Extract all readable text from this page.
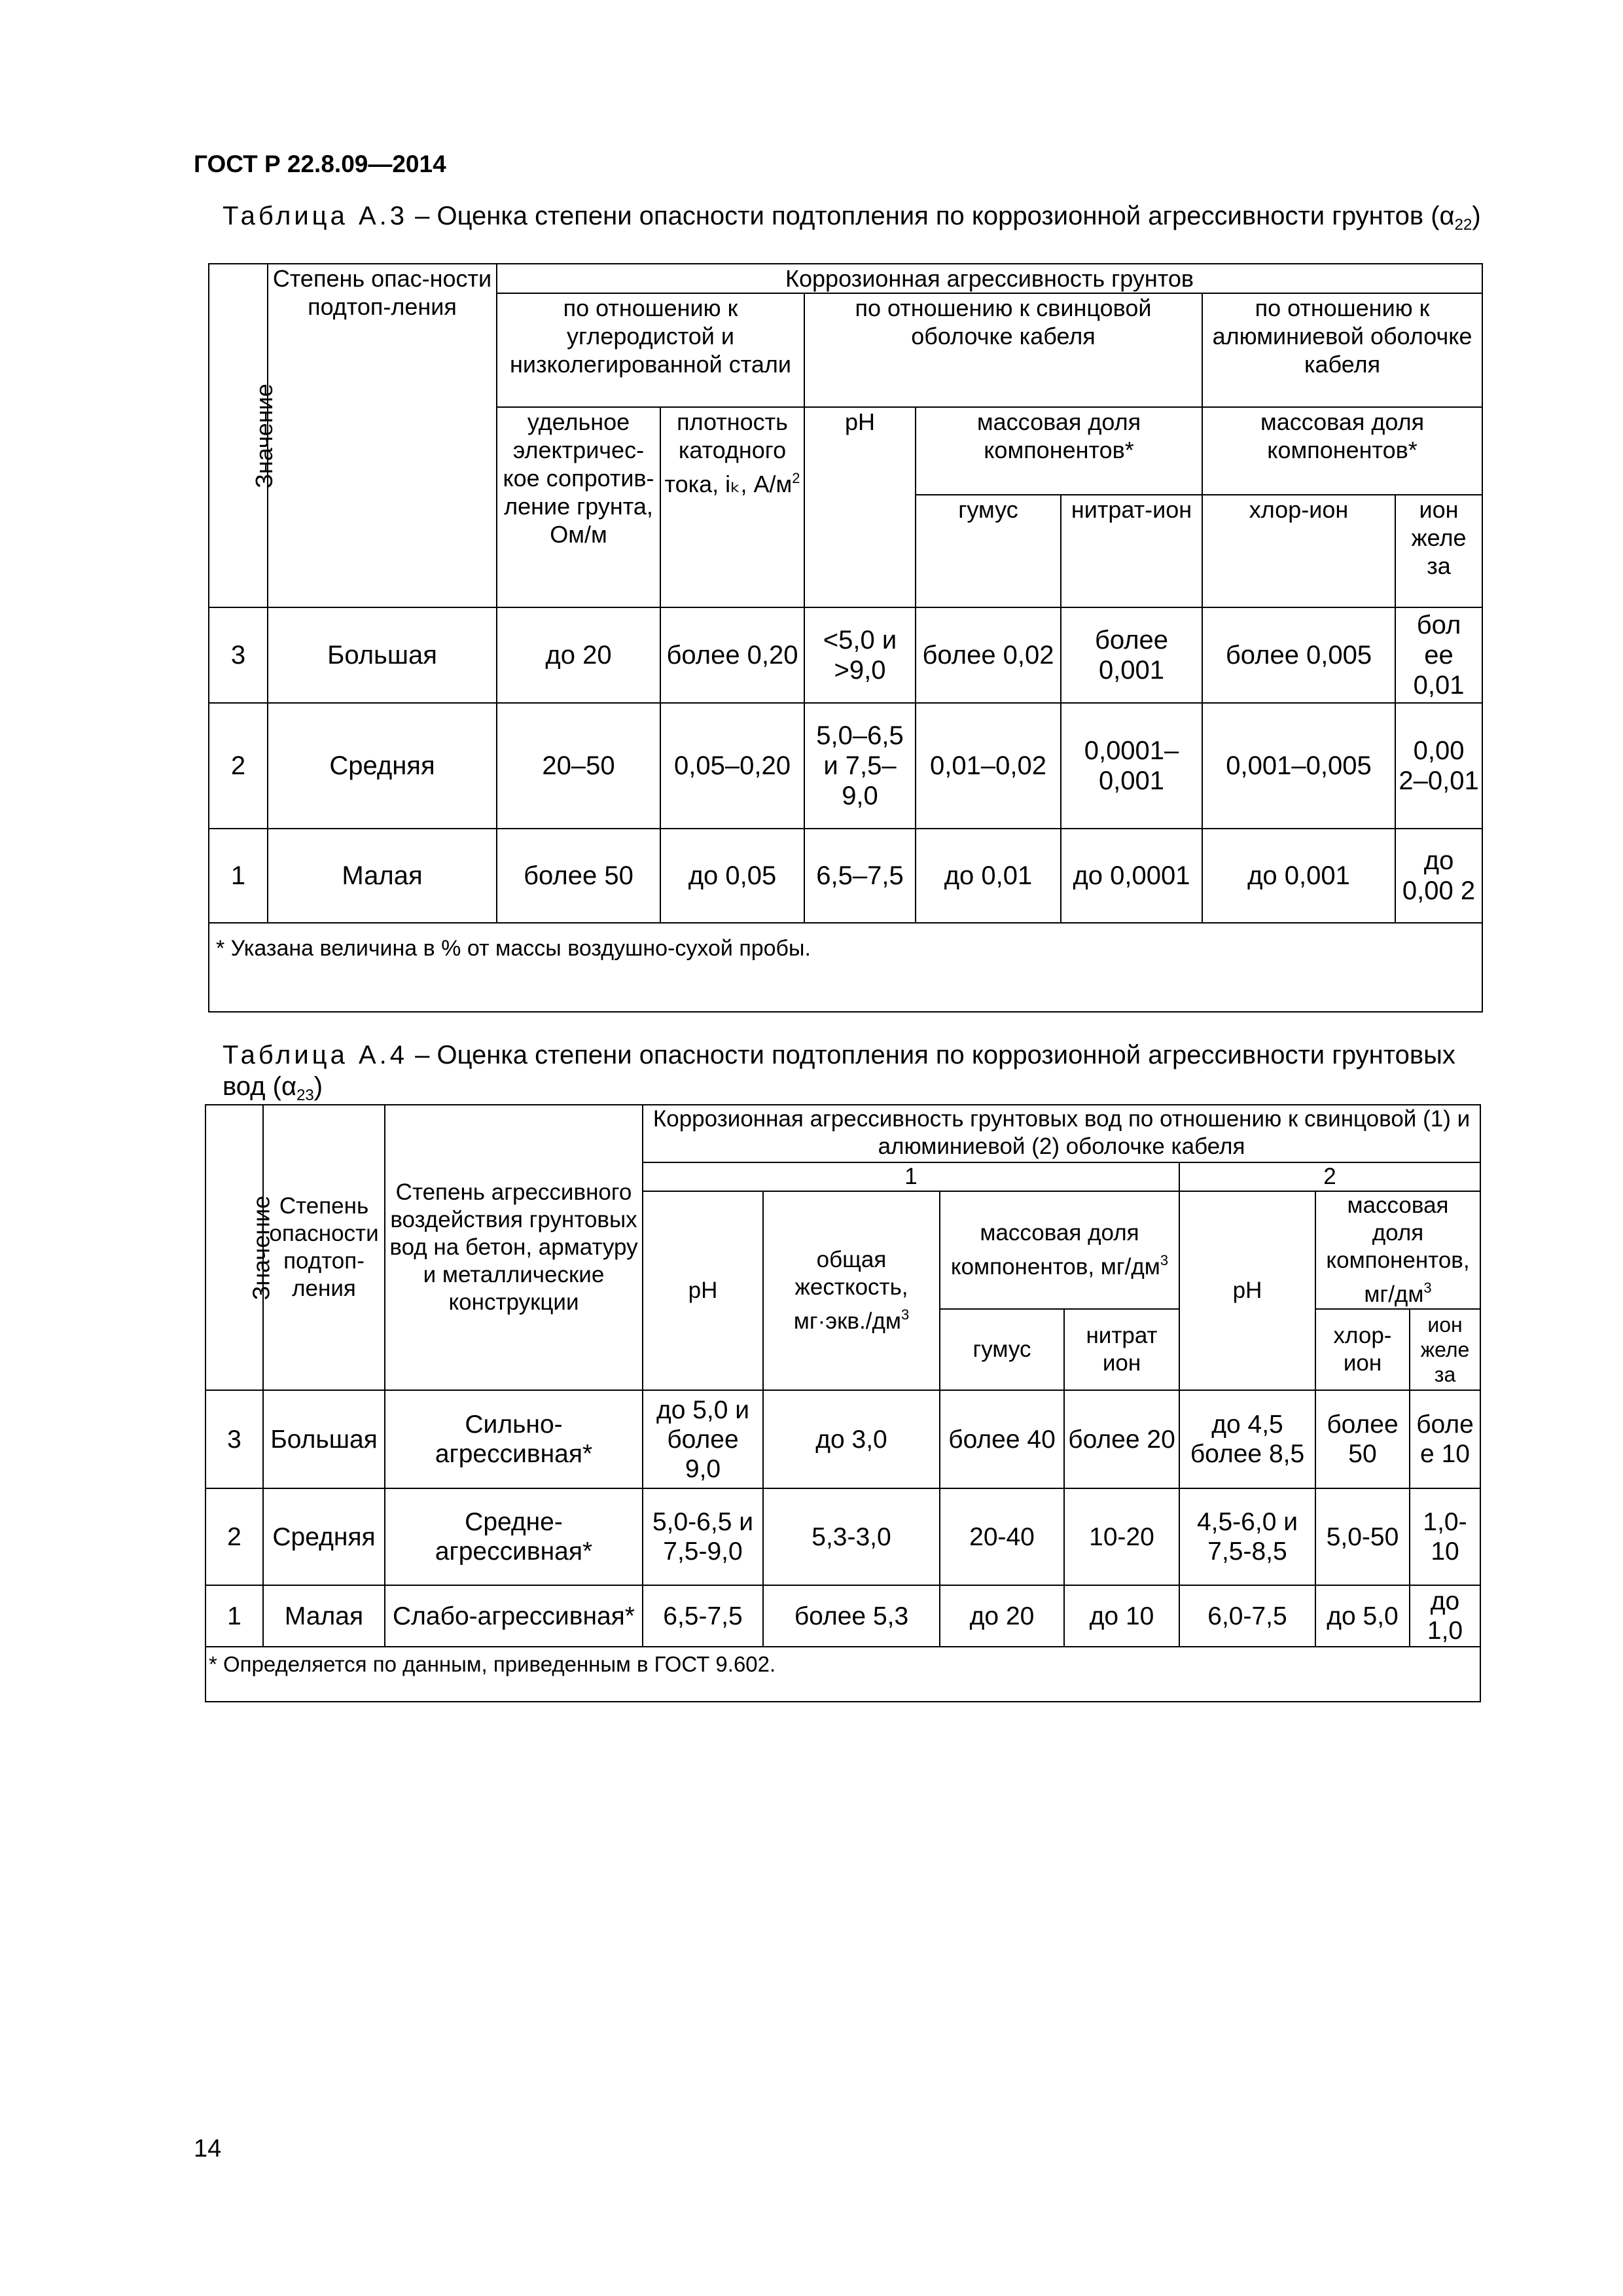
ГОСТ Р 22.8.09—2014
Таблица А.3 – Оценка степени опасности подтопления по коррозионной агрессивности грунтов $(\alpha_{22})$
Значение	Степень опас-ности подтоп-ления	Коррозионная агрессивность грунтов						
		по отношению к углеродистой и низколегированной стали		по отношению к свинцовой оболочке кабеля			по отношению к алюминиевой оболочке кабеля	
		удельное электричес-кое сопротив-ление грунта, Ом/м	плотность катодного тока, iₖ, $А/м^2$	pH	массовая доля компонентов*		массовая доля компонентов*	
					гумус	нитрат-ион	хлор-ион	ион желе за
3	Большая	до 20	более 0,20	<5,0 и >9,0	более 0,02	более 0,001	более 0,005	бол ее 0,01
2	Средняя	20–50	0,05–0,20	5,0–6,5 и 7,5–9,0	0,01–0,02	0,0001–0,001	0,001–0,005	0,00 2–0,01
1	Малая	более 50	до 0,05	6,5–7,5	до 0,01	до 0,0001	до 0,001	до 0,00 2
* Указана величина в % от массы воздушно-сухой пробы.								
Таблица А.4 – Оценка степени опасности подтопления по коррозионной агрессивности грунтовых вод $(\alpha_{23})$
Значение	Степень опасности подтоп-ления	Степень агрессивного воздействия грунтовых вод на бетон, арматуру и металлические конструкции	Коррозионная агрессивность грунтовых вод по отношению к свинцовой (1) и алюминиевой (2) оболочке кабеля						
			1				2		
			pH	общая жесткость, $мг\cdot экв./дм^3$	массовая доля компонентов, $мг/дм^3$		pH	массовая доля компонентов, $мг/дм^3$
					гумус	нитрат ион		хлор-ион	ион желе за
3	Большая	Сильно-агрессивная*	до 5,0 и более 9,0	до 3,0	более 40	более 20	до 4,5 более 8,5	более 50	боле е 10
2	Средняя	Средне-агрессивная*	5,0-6,5 и 7,5-9,0	5,3-3,0	20-40	10-20	4,5-6,0 и 7,5-8,5	5,0-50	1,0-10
1	Малая	Слабо-агрессивная*	6,5-7,5	более 5,3	до 20	до 10	6,0-7,5	до 5,0	до 1,0
* Определяется по данным, приведенным в ГОСТ 9.602.									
14
